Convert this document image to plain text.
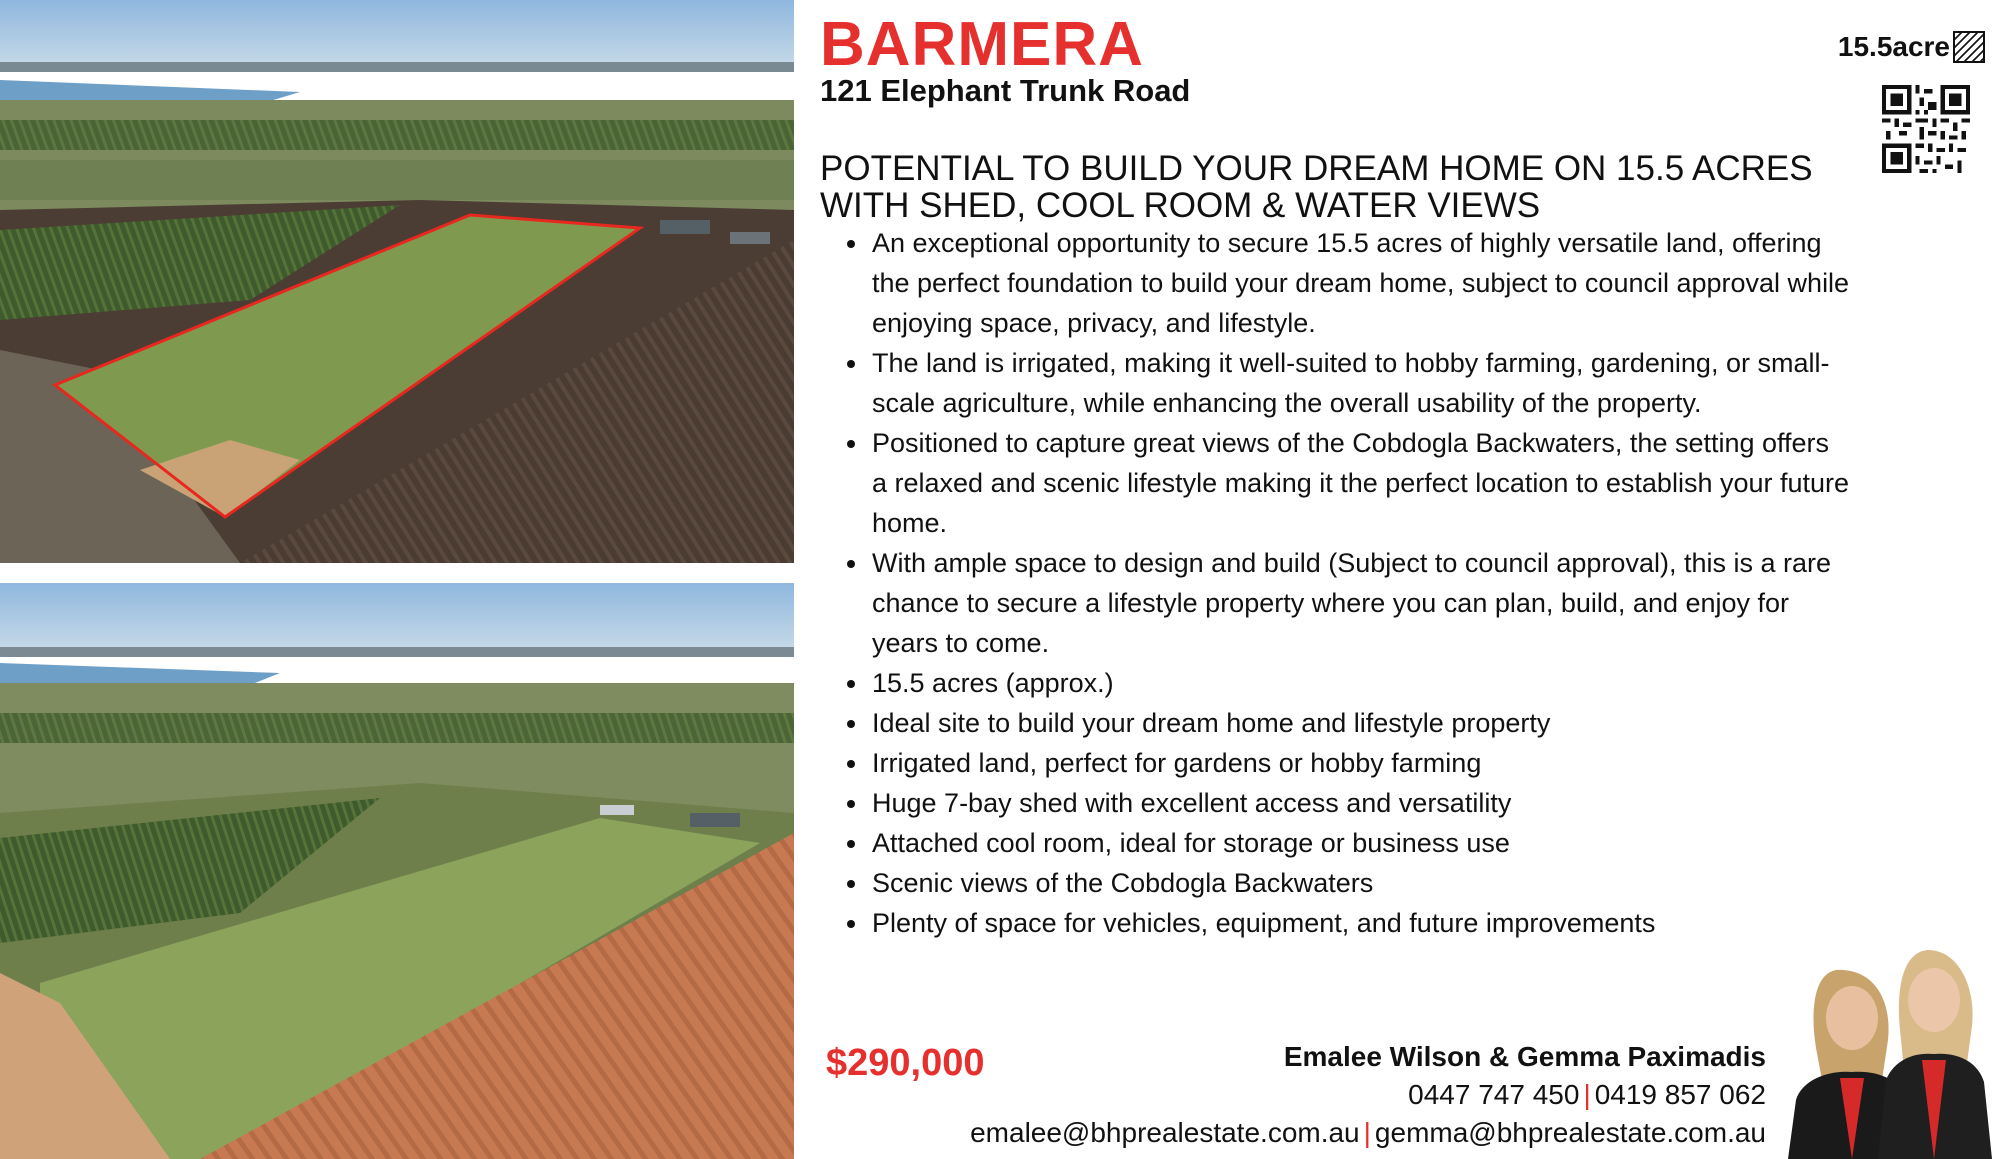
BARMERA
121 Elephant Trunk Road
POTENTIAL TO BUILD YOUR DREAM HOME ON 15.5 ACRES WITH SHED, COOL ROOM & WATER VIEWS
15.5acre
• An exceptional opportunity to secure 15.5 acres of highly versatile land, offering the perfect foundation to build your dream home, subject to council approval while enjoying space, privacy, and lifestyle.
• The land is irrigated, making it well-suited to hobby farming, gardening, or small-scale agriculture, while enhancing the overall usability of the property.
• Positioned to capture great views of the Cobdogla Backwaters, the setting offers a relaxed and scenic lifestyle making it the perfect location to establish your future home.
• With ample space to design and build (Subject to council approval), this is a rare chance to secure a lifestyle property where you can plan, build, and enjoy for years to come.
• 15.5 acres (approx.)
• Ideal site to build your dream home and lifestyle property
• Irrigated land, perfect for gardens or hobby farming
• Huge 7-bay shed with excellent access and versatility
• Attached cool room, ideal for storage or business use
• Scenic views of the Cobdogla Backwaters
• Plenty of space for vehicles, equipment, and future improvements
$290,000	Emalee Wilson & Gemma Paximadis
0447 747 450 | 0419 857 062
emalee@bhprealestate.com.au | gemma@bhprealestate.com.au
